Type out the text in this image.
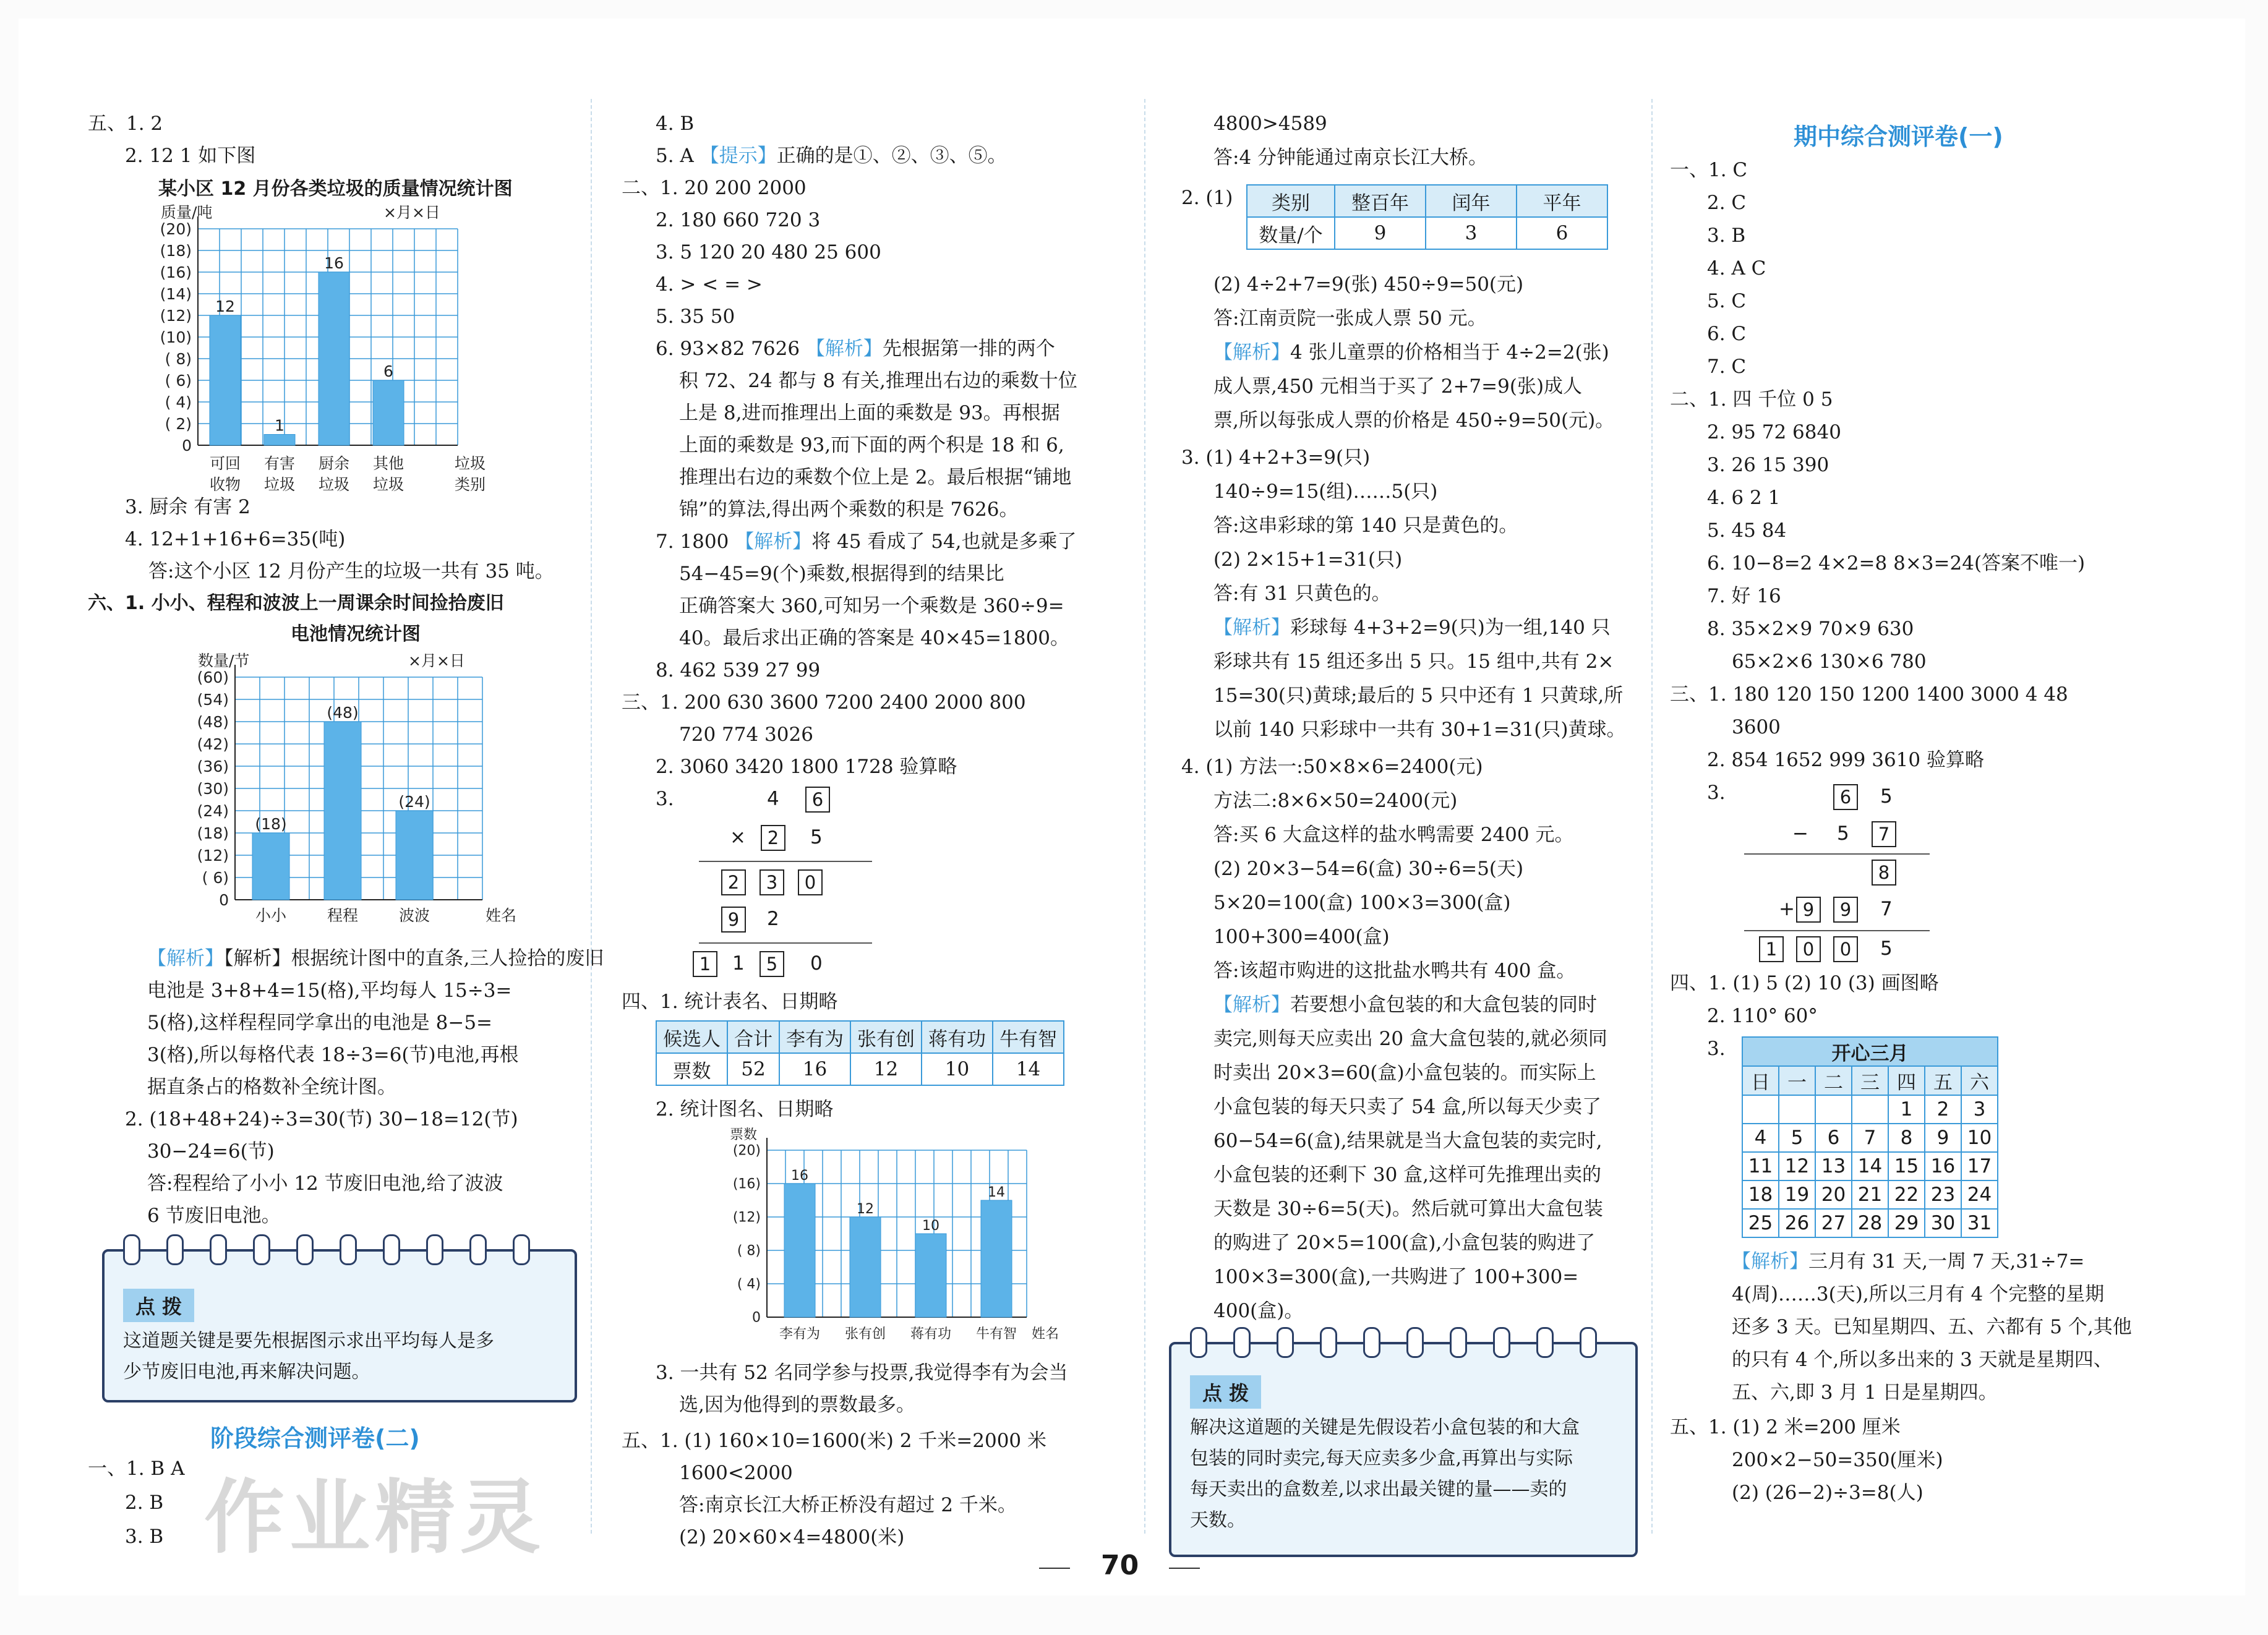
五、1. 2
2. 12 1 如下图
某小区 12 月份各类垃圾的质量情况统计图
(20)
(18)
(16)
(14)
(12)
(10)
( 8)
( 6)
( 4)
( 2)
0
质量/吨	×月×日
12
可回
收物
1
有害
垃圾
16
厨余
垃圾
6
其他
垃圾
垃圾
类别
3. 厨余 有害 2
4. 12+1+16+6=35(吨)
答:这个小区 12 月份产生的垃圾一共有 35 吨。
六、1. 小小、程程和波波上一周课余时间捡拾废旧
电池情况统计图
(60)
(54)
(48)
(42)
(36)
(30)
(24)
(18)
(12)
( 6)
0
数量/节	×月×日
(18)
小小
(48)
程程
(24)
波波	姓名
【解析】【解析】根据统计图中的直条,三人捡拾的废旧
电池是 3+8+4=15(格),平均每人 15÷3=
5(格),这样程程同学拿出的电池是 8−5=
3(格),所以每格代表 18÷3=6(节)电池,再根
据直条占的格数补全统计图。
2. (18+48+24)÷3=30(节) 30−18=12(节)
30−24=6(节)
答:程程给了小小 12 节废旧电池,给了波波
6 节废旧电池。
点 拨
这道题关键是要先根据图示求出平均每人是多
少节废旧电池,再来解决问题。
阶段综合测评卷(二)
一、1. B A
2. B
3. B 作业精灵
4. B
5. A 【提示】正确的是①、②、③、⑤。
二、1. 20 200 2000
2. 180 660 720 3
3. 5 120 20 480 25 600
4. > < = >
5. 35 50
6. 93×82 7626 【解析】先根据第一排的两个
积 72、24 都与 8 有关,推理出右边的乘数十位
上是 8,进而推理出上面的乘数是 93。再根据
上面的乘数是 93,而下面的两个积是 18 和 6,
推理出右边的乘数个位上是 2。最后根据“铺地
锦”的算法,得出两个乘数的积是 7626。
7. 1800 【解析】将 45 看成了 54,也就是多乘了
54−45=9(个)乘数,根据得到的结果比
正确答案大 360,可知另一个乘数是 360÷9=
40。最后求出正确的答案是 40×45=1800。
8. 462 539 27 99
三、1. 200 630 3600 7200 2400 2000 800
720 774 3026
2. 3060 3420 1800 1728 验算略
3.	4	6
×	2	5
2	3	0
9	2
1	1	5	0
四、1. 统计表名、日期略
候选人	合计	李有为	张有创	蒋有功	牛有智
票数	52	16	12	10	14
2. 统计图名、日期略
(20)
(16)
(12)
( 8)
( 4)
0
票数
16
李有为
12
张有创
10
蒋有功
14
牛有智 姓名
3. 一共有 52 名同学参与投票,我觉得李有为会当
选,因为他得到的票数最多。
五、1. (1) 160×10=1600(米) 2 千米=2000 米
1600<2000
答:南京长江大桥正桥没有超过 2 千米。
(2) 20×60×4=4800(米)
4800>4589
答:4 分钟能通过南京长江大桥。
2. (1) 类别	整百年	闰年	平年
数量/个	9	3	6
(2) 4÷2+7=9(张) 450÷9=50(元)
答:江南贡院一张成人票 50 元。
【解析】4 张儿童票的价格相当于 4÷2=2(张)
成人票,450 元相当于买了 2+7=9(张)成人
票,所以每张成人票的价格是 450÷9=50(元)。
3. (1) 4+2+3=9(只)
140÷9=15(组)……5(只)
答:这串彩球的第 140 只是黄色的。
(2) 2×15+1=31(只)
答:有 31 只黄色的。
【解析】彩球每 4+3+2=9(只)为一组,140 只
彩球共有 15 组还多出 5 只。15 组中,共有 2×
15=30(只)黄球;最后的 5 只中还有 1 只黄球,所
以前 140 只彩球中一共有 30+1=31(只)黄球。
4. (1) 方法一:50×8×6=2400(元)
方法二:8×6×50=2400(元)
答:买 6 大盒这样的盐水鸭需要 2400 元。
(2) 20×3−54=6(盒) 30÷6=5(天)
5×20=100(盒) 100×3=300(盒)
100+300=400(盒)
答:该超市购进的这批盐水鸭共有 400 盒。
【解析】若要想小盒包装的和大盒包装的同时
卖完,则每天应卖出 20 盒大盒包装的,就必须同
时卖出 20×3=60(盒)小盒包装的。而实际上
小盒包装的每天只卖了 54 盒,所以每天少卖了
60−54=6(盒),结果就是当大盒包装的卖完时,
小盒包装的还剩下 30 盒,这样可先推理出卖的
天数是 30÷6=5(天)。然后就可算出大盒包装
的购进了 20×5=100(盒),小盒包装的购进了
100×3=300(盒),一共购进了 100+300=
400(盒)。
点 拨
解决这道题的关键是先假设若小盒包装的和大盒
包装的同时卖完,每天应卖多少盒,再算出与实际
每天卖出的盒数差,以求出最关键的量——卖的
天数。
期中综合测评卷(一)
一、1. C
2. C
3. B
4. A C
5. C
6. C
7. C
二、1. 四 千位 0 5
2. 95 72 6840
3. 26 15 390
4. 6 2 1
5. 45 84
6. 10−8=2 4×2=8 8×3=24(答案不唯一)
7. 好 16
8. 35×2×9 70×9 630
65×2×6 130×6 780
三、1. 180 120 150 1200 1400 3000 4 48
3600
2. 854 1652 999 3610 验算略
3.	6	5
− 5	7
8
+ 9	9	7
1	0	0	5
四、1. (1) 5 (2) 10 (3) 画图略
2. 110° 60°
3.	开心三月						
日	一	二	三	四	五	六
				1	2	3
4	5	6	7	8	9	10
11	12	13	14	15	16	17
18	19	20	21	22	23	24
25	26	27	28	29	30	31
【解析】三月有 31 天,一周 7 天,31÷7=
4(周)……3(天),所以三月有 4 个完整的星期
还多 3 天。已知星期四、五、六都有 5 个,其他
的只有 4 个,所以多出来的 3 天就是星期四、
五、六,即 3 月 1 日是星期四。
五、1. (1) 2 米=200 厘米
200×2−50=350(厘米)
(2) (26−2)÷3=8(人)
70
